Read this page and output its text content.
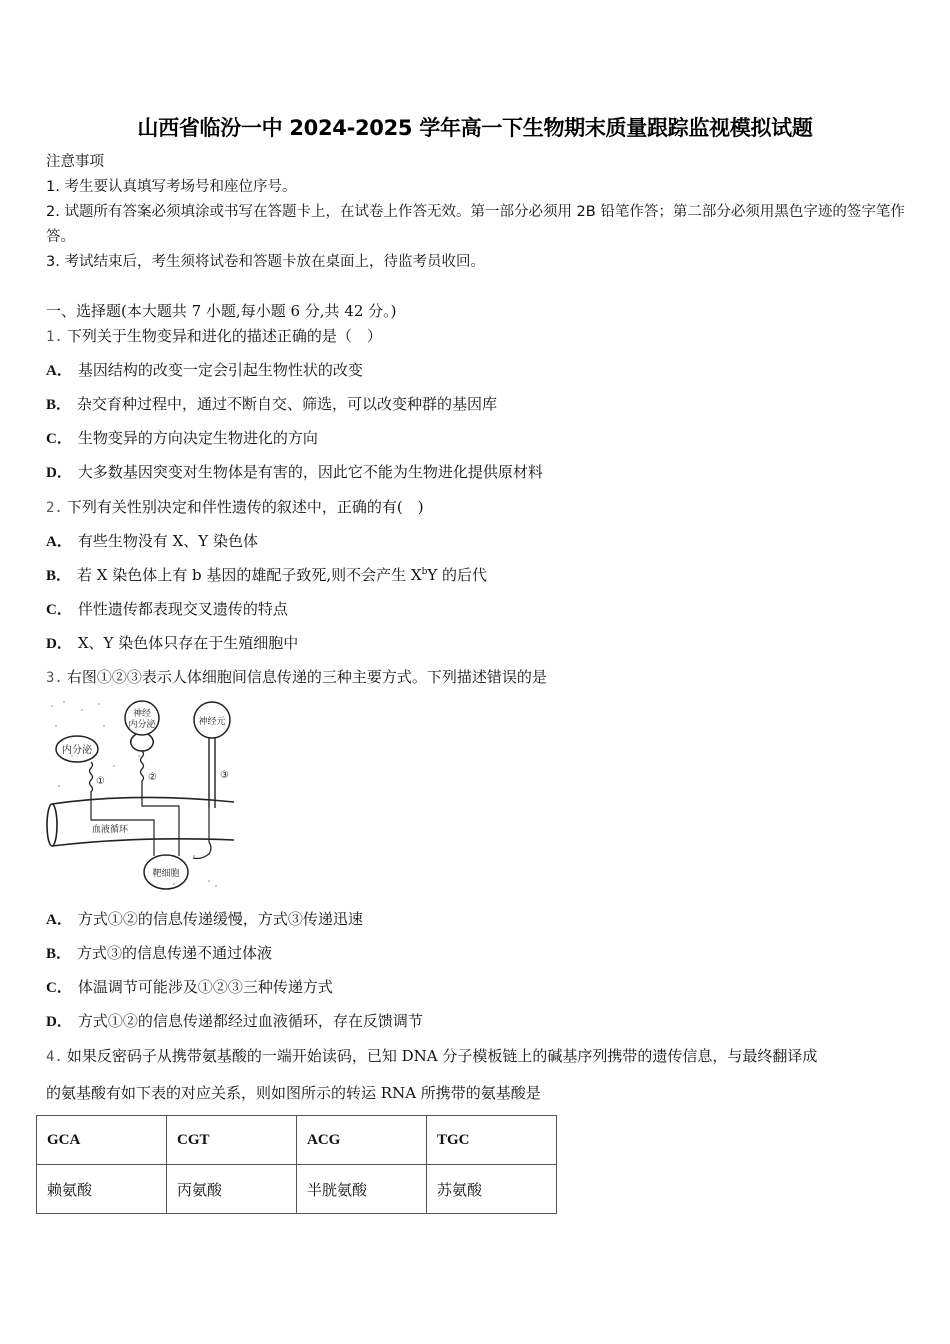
山西省临汾一中 2024-2025 学年高一下生物期末质量跟踪监视模拟试题
注意事项
1. 考生要认真填写考场号和座位序号。
2. 试题所有答案必须填涂或书写在答题卡上，在试卷上作答无效。第一部分必须用 2B 铅笔作答；第二部分必须用黑色字迹的签字笔作答。
3. 考试结束后，考生须将试卷和答题卡放在桌面上，待监考员收回。
一、选择题(本大题共 7 小题,每小题 6 分,共 42 分。)
1. 下列关于生物变异和进化的描述正确的是（　）
A． 基因结构的改变一定会引起生物性状的改变
B． 杂交育种过程中，通过不断自交、筛选，可以改变种群的基因库
C． 生物变异的方向决定生物进化的方向
D． 大多数基因突变对生物体是有害的，因此它不能为生物进化提供原材料
2. 下列有关性别决定和伴性遗传的叙述中，正确的有(　)
A． 有些生物没有 X、Y 染色体
B． 若 X 染色体上有 b 基因的雄配子致死,则不会产生 $X^bY$ 的后代
C． 伴性遗传都表现交叉遗传的特点
D． X、Y 染色体只存在于生殖细胞中
3. 右图①②③表示人体细胞间信息传递的三种主要方式。下列描述错误的是
内分泌
①
神经
内分泌
②
神经元
③
血液循环
靶细胞
A． 方式①②的信息传递缓慢，方式③传递迅速
B． 方式③的信息传递不通过体液
C． 体温调节可能涉及①②③三种传递方式
D． 方式①②的信息传递都经过血液循环，存在反馈调节
4. 如果反密码子从携带氨基酸的一端开始读码，已知 DNA 分子模板链上的碱基序列携带的遗传信息，与最终翻译成
的氨基酸有如下表的对应关系，则如图所示的转运 RNA 所携带的氨基酸是
GCA	CGT	ACG	TGC
赖氨酸	丙氨酸	半胱氨酸	苏氨酸
